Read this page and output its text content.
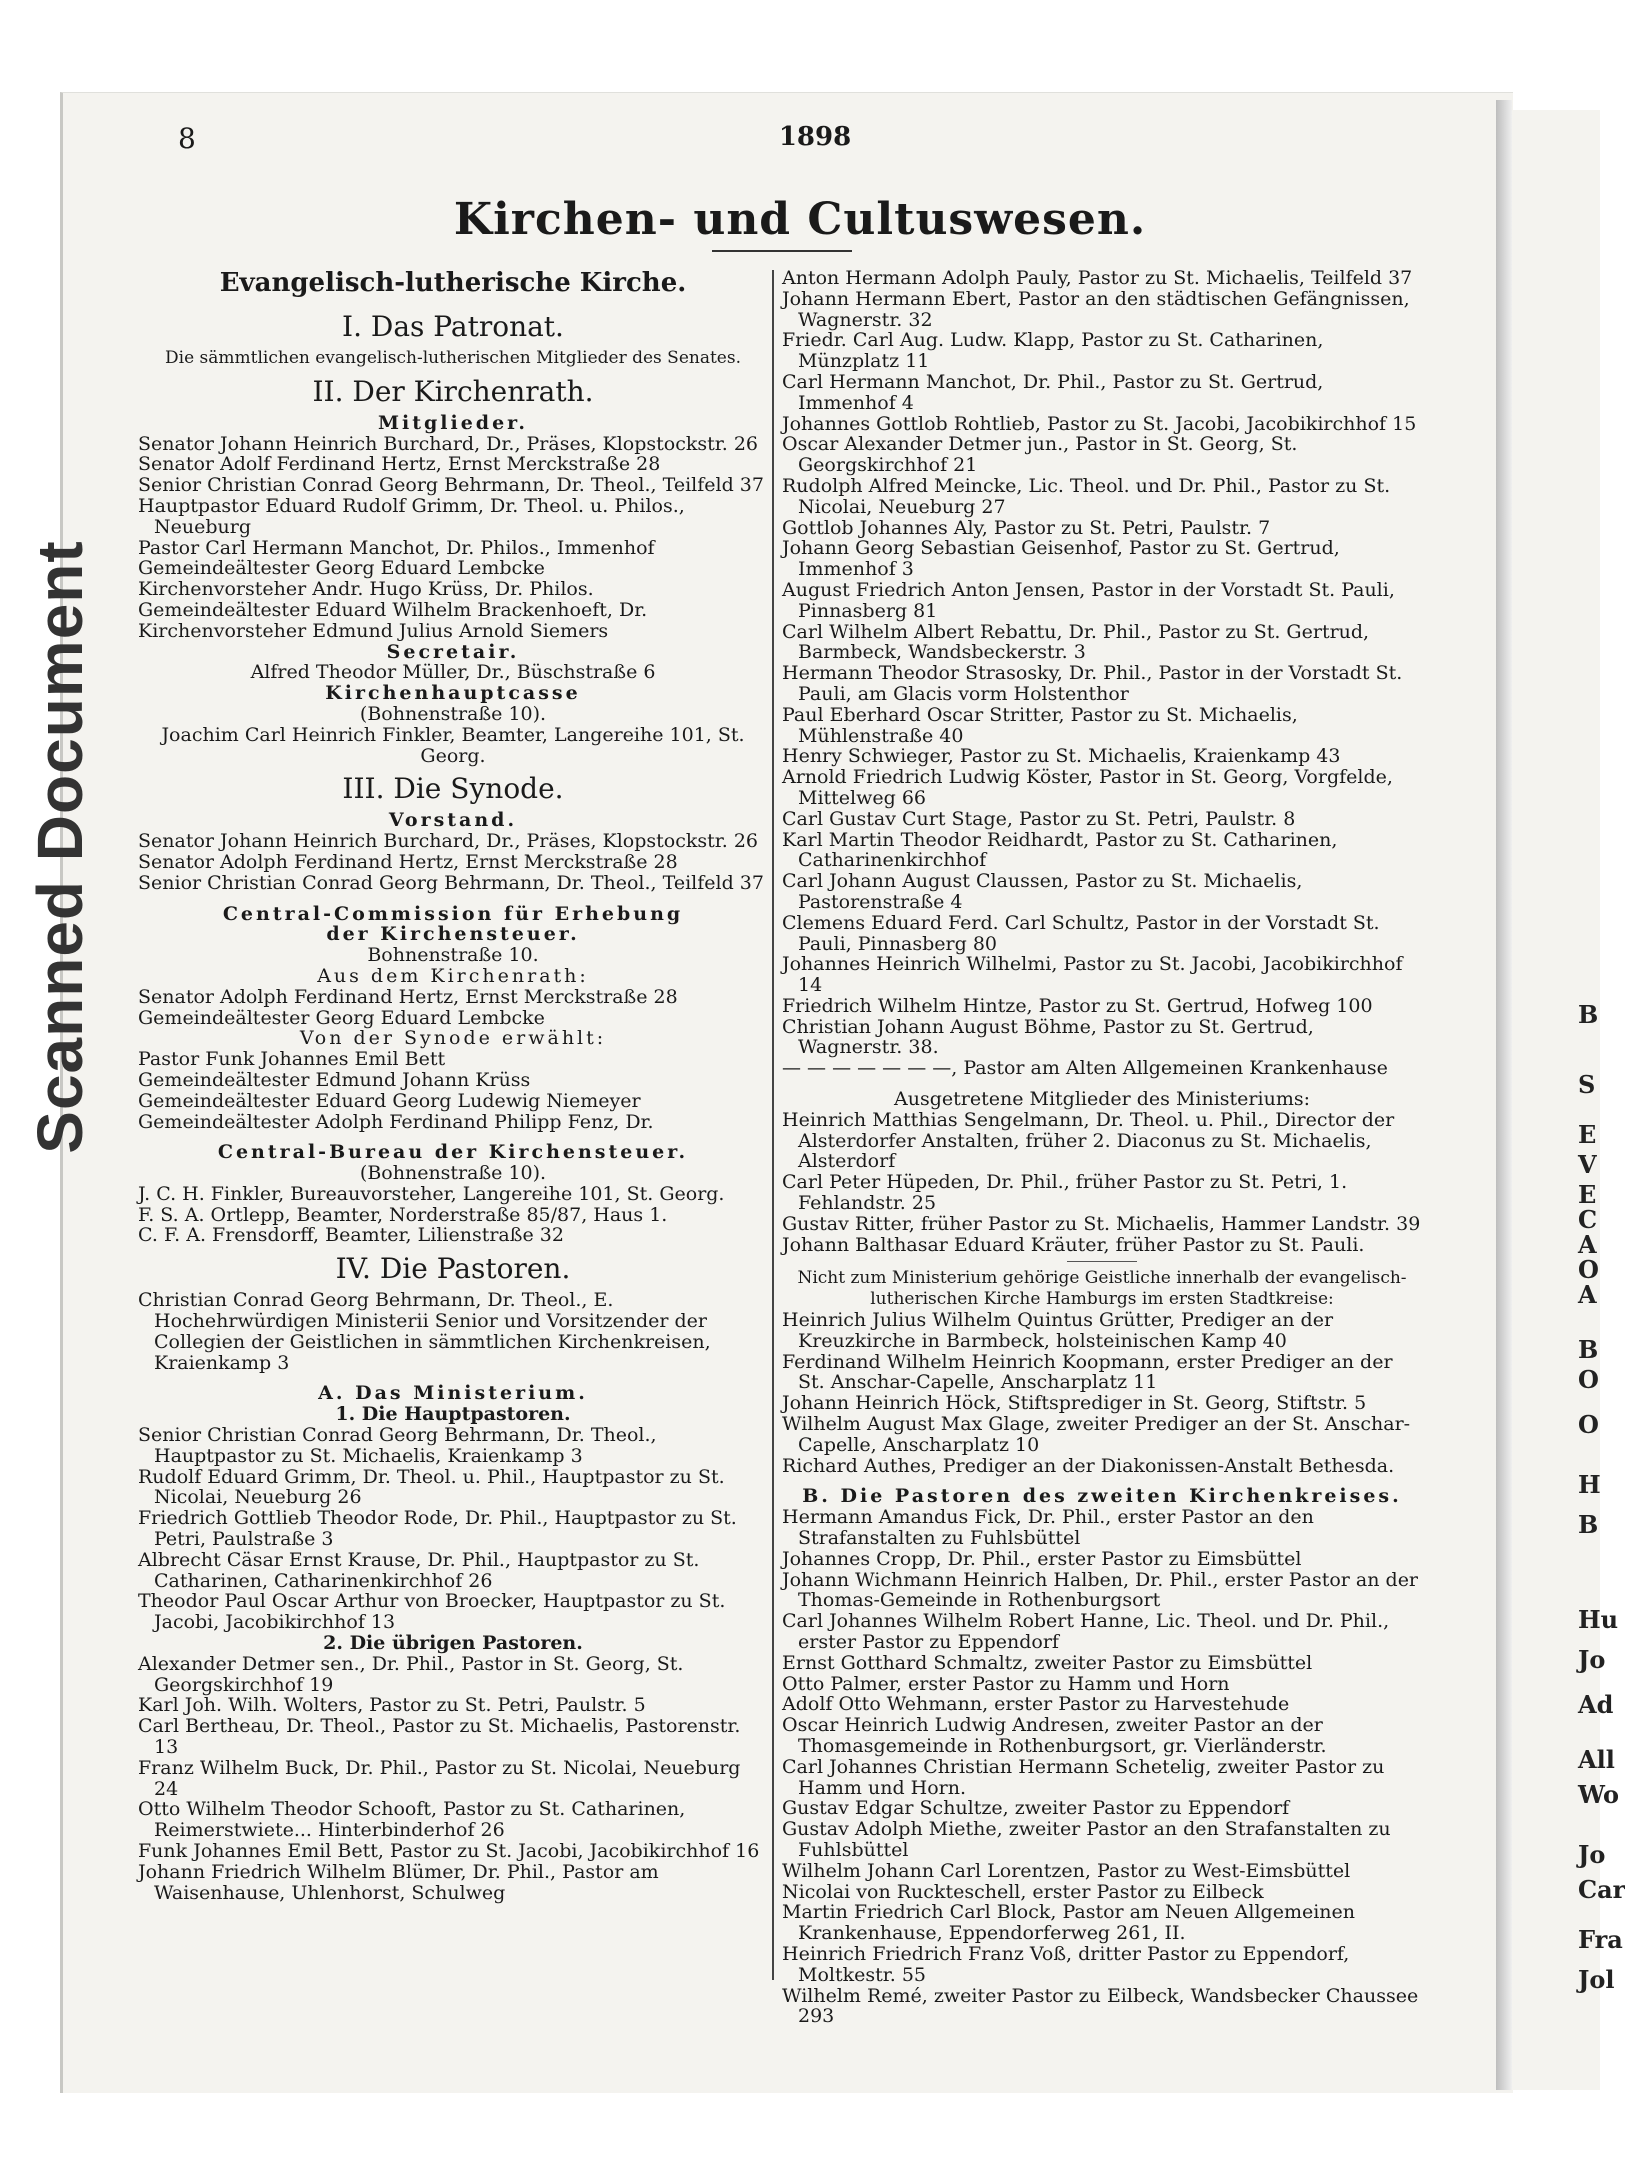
B
S
E
V
E
C
A
O
A
B
O
O
H
B
Hu
Jo
Ad
All
Wo
Jo
Car
Fra
Jol
Scanned Document
8	1898
Kirchen- und Cultuswesen.
Evangelisch-lutherische Kirche.
I. Das Patronat.
Die sämmtlichen evangelisch-lutherischen Mitglieder des Senates.
II. Der Kirchenrath.
Mitglieder.
Senator Johann Heinrich Burchard, Dr., Präses, Klopstockstr. 26
Senator Adolf Ferdinand Hertz, Ernst Merckstraße 28
Senior Christian Conrad Georg Behrmann, Dr. Theol., Teilfeld 37
Hauptpastor Eduard Rudolf Grimm, Dr. Theol. u. Philos., Neueburg
Pastor Carl Hermann Manchot, Dr. Philos., Immenhof
Gemeindeältester Georg Eduard Lembcke
Kirchenvorsteher Andr. Hugo Krüss, Dr. Philos.
Gemeindeältester Eduard Wilhelm Brackenhoeft, Dr.
Kirchenvorsteher Edmund Julius Arnold Siemers
Secretair.
Alfred Theodor Müller, Dr., Büschstraße 6
Kirchenhauptcasse
(Bohnenstraße 10).
Joachim Carl Heinrich Finkler, Beamter, Langereihe 101, St. Georg.
III. Die Synode.
Vorstand.
Senator Johann Heinrich Burchard, Dr., Präses, Klopstockstr. 26
Senator Adolph Ferdinand Hertz, Ernst Merckstraße 28
Senior Christian Conrad Georg Behrmann, Dr. Theol., Teilfeld 37
Central-Commission für Erhebung
der Kirchensteuer.
Bohnenstraße 10.
Aus dem Kirchenrath:
Senator Adolph Ferdinand Hertz, Ernst Merckstraße 28
Gemeindeältester Georg Eduard Lembcke
Von der Synode erwählt:
Pastor Funk Johannes Emil Bett
Gemeindeältester Edmund Johann Krüss
Gemeindeältester Eduard Georg Ludewig Niemeyer
Gemeindeältester Adolph Ferdinand Philipp Fenz, Dr.
Central-Bureau der Kirchensteuer.
(Bohnenstraße 10).
J. C. H. Finkler, Bureauvorsteher, Langereihe 101, St. Georg.
F. S. A. Ortlepp, Beamter, Norderstraße 85/87, Haus 1.
C. F. A. Frensdorff, Beamter, Lilienstraße 32
IV. Die Pastoren.
Christian Conrad Georg Behrmann, Dr. Theol., E. Hochehrwürdigen Ministerii Senior und Vorsitzender der Collegien der Geistlichen in sämmtlichen Kirchenkreisen, Kraienkamp 3
A. Das Ministerium.
1. Die Hauptpastoren.
Senior Christian Conrad Georg Behrmann, Dr. Theol., Hauptpastor zu St. Michaelis, Kraienkamp 3
Rudolf Eduard Grimm, Dr. Theol. u. Phil., Hauptpastor zu St. Nicolai, Neueburg 26
Friedrich Gottlieb Theodor Rode, Dr. Phil., Hauptpastor zu St. Petri, Paulstraße 3
Albrecht Cäsar Ernst Krause, Dr. Phil., Hauptpastor zu St. Catharinen, Catharinenkirchhof 26
Theodor Paul Oscar Arthur von Broecker, Hauptpastor zu St. Jacobi, Jacobikirchhof 13
2. Die übrigen Pastoren.
Alexander Detmer sen., Dr. Phil., Pastor in St. Georg, St. Georgskirchhof 19
Karl Joh. Wilh. Wolters, Pastor zu St. Petri, Paulstr. 5
Carl Bertheau, Dr. Theol., Pastor zu St. Michaelis, Pastorenstr. 13
Franz Wilhelm Buck, Dr. Phil., Pastor zu St. Nicolai, Neueburg 24
Otto Wilhelm Theodor Schooft, Pastor zu St. Catharinen, Reimerstwiete... Hinterbinderhof 26
Funk Johannes Emil Bett, Pastor zu St. Jacobi, Jacobikirchhof 16
Johann Friedrich Wilhelm Blümer, Dr. Phil., Pastor am Waisenhause, Uhlenhorst, Schulweg
Anton Hermann Adolph Pauly, Pastor zu St. Michaelis, Teilfeld 37
Johann Hermann Ebert, Pastor an den städtischen Gefängnissen, Wagnerstr. 32
Friedr. Carl Aug. Ludw. Klapp, Pastor zu St. Catharinen, Münzplatz 11
Carl Hermann Manchot, Dr. Phil., Pastor zu St. Gertrud, Immenhof 4
Johannes Gottlob Rohtlieb, Pastor zu St. Jacobi, Jacobikirchhof 15
Oscar Alexander Detmer jun., Pastor in St. Georg, St. Georgskirchhof 21
Rudolph Alfred Meincke, Lic. Theol. und Dr. Phil., Pastor zu St. Nicolai, Neueburg 27
Gottlob Johannes Aly, Pastor zu St. Petri, Paulstr. 7
Johann Georg Sebastian Geisenhof, Pastor zu St. Gertrud, Immenhof 3
August Friedrich Anton Jensen, Pastor in der Vorstadt St. Pauli, Pinnasberg 81
Carl Wilhelm Albert Rebattu, Dr. Phil., Pastor zu St. Gertrud, Barmbeck, Wandsbeckerstr. 3
Hermann Theodor Strasosky, Dr. Phil., Pastor in der Vorstadt St. Pauli, am Glacis vorm Holstenthor
Paul Eberhard Oscar Stritter, Pastor zu St. Michaelis, Mühlenstraße 40
Henry Schwieger, Pastor zu St. Michaelis, Kraienkamp 43
Arnold Friedrich Ludwig Köster, Pastor in St. Georg, Vorgfelde, Mittelweg 66
Carl Gustav Curt Stage, Pastor zu St. Petri, Paulstr. 8
Karl Martin Theodor Reidhardt, Pastor zu St. Catharinen, Catharinenkirchhof
Carl Johann August Claussen, Pastor zu St. Michaelis, Pastorenstraße 4
Clemens Eduard Ferd. Carl Schultz, Pastor in der Vorstadt St. Pauli, Pinnasberg 80
Johannes Heinrich Wilhelmi, Pastor zu St. Jacobi, Jacobikirchhof 14
Friedrich Wilhelm Hintze, Pastor zu St. Gertrud, Hofweg 100
Christian Johann August Böhme, Pastor zu St. Gertrud, Wagnerstr. 38.
— — — — — — —, Pastor am Alten Allgemeinen Krankenhause
Ausgetretene Mitglieder des Ministeriums:
Heinrich Matthias Sengelmann, Dr. Theol. u. Phil., Director der Alsterdorfer Anstalten, früher 2. Diaconus zu St. Michaelis, Alsterdorf
Carl Peter Hüpeden, Dr. Phil., früher Pastor zu St. Petri, 1. Fehlandstr. 25
Gustav Ritter, früher Pastor zu St. Michaelis, Hammer Landstr. 39
Johann Balthasar Eduard Kräuter, früher Pastor zu St. Pauli.
Nicht zum Ministerium gehörige Geistliche innerhalb der evangelisch-lutherischen Kirche Hamburgs im ersten Stadtkreise:
Heinrich Julius Wilhelm Quintus Grütter, Prediger an der Kreuzkirche in Barmbeck, holsteinischen Kamp 40
Ferdinand Wilhelm Heinrich Koopmann, erster Prediger an der St. Anschar-Capelle, Anscharplatz 11
Johann Heinrich Höck, Stiftsprediger in St. Georg, Stiftstr. 5
Wilhelm August Max Glage, zweiter Prediger an der St. Anschar-Capelle, Anscharplatz 10
Richard Authes, Prediger an der Diakonissen-Anstalt Bethesda.
B. Die Pastoren des zweiten Kirchenkreises.
Hermann Amandus Fick, Dr. Phil., erster Pastor an den Strafanstalten zu Fuhlsbüttel
Johannes Cropp, Dr. Phil., erster Pastor zu Eimsbüttel
Johann Wichmann Heinrich Halben, Dr. Phil., erster Pastor an der Thomas-Gemeinde in Rothenburgsort
Carl Johannes Wilhelm Robert Hanne, Lic. Theol. und Dr. Phil., erster Pastor zu Eppendorf
Ernst Gotthard Schmaltz, zweiter Pastor zu Eimsbüttel
Otto Palmer, erster Pastor zu Hamm und Horn
Adolf Otto Wehmann, erster Pastor zu Harvestehude
Oscar Heinrich Ludwig Andresen, zweiter Pastor an der Thomasgemeinde in Rothenburgsort, gr. Vierländerstr.
Carl Johannes Christian Hermann Schetelig, zweiter Pastor zu Hamm und Horn.
Gustav Edgar Schultze, zweiter Pastor zu Eppendorf
Gustav Adolph Miethe, zweiter Pastor an den Strafanstalten zu Fuhlsbüttel
Wilhelm Johann Carl Lorentzen, Pastor zu West-Eimsbüttel
Nicolai von Ruckteschell, erster Pastor zu Eilbeck
Martin Friedrich Carl Block, Pastor am Neuen Allgemeinen Krankenhause, Eppendorferweg 261, II.
Heinrich Friedrich Franz Voß, dritter Pastor zu Eppendorf, Moltkestr. 55
Wilhelm Remé, zweiter Pastor zu Eilbeck, Wandsbecker Chaussee 293
